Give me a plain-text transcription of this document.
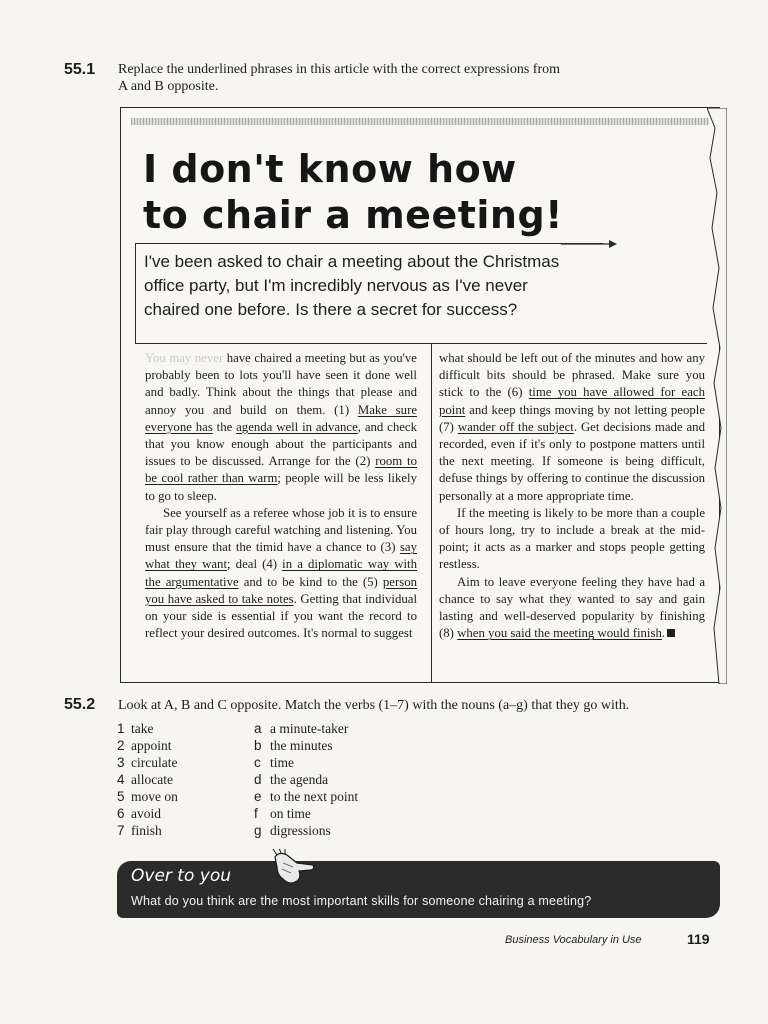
55.1 Replace the underlined phrases in this article with the correct expressions from
A and B opposite.
I don't know how
to chair a meeting!
I've been asked to chair a meeting about the Christmas
office party, but I'm incredibly nervous as I've never
chaired one before. Is there a secret for success?

You may never have chaired a meeting but as you've probably been to lots you'll have seen it done well and badly. Think about the things that please and annoy you and build on them. (1) Make sure everyone has the agenda well in advance, and check that you know enough about the participants and issues to be discussed. Arrange for the (2) room to be cool rather than warm; people will be less likely to go to sleep.

See yourself as a referee whose job it is to ensure fair play through careful watching and listening. You must ensure that the timid have a chance to (3) say what they want; deal (4) in a diplomatic way with the argumentative and to be kind to the (5) person you have asked to take notes. Getting that individual on your side is essential if you want the record to reflect your desired outcomes. It's normal to suggest

what should be left out of the minutes and how any difficult bits should be phrased. Make sure you stick to the (6) time you have allowed for each point and keep things moving by not letting people (7) wander off the subject. Get decisions made and recorded, even if it's only to postpone matters until the next meeting. If someone is being difficult, defuse things by offering to continue the discussion personally at a more appropriate time.

If the meeting is likely to be more than a couple of hours long, try to include a break at the mid-point; it acts as a marker and stops people getting restless.

Aim to leave everyone feeling they have had a chance to say what they wanted to say and gain lasting and well-deserved popularity by finishing (8) when you said the meeting would finish.

55.2 Look at A, B and C opposite. Match the verbs (1–7) with the nouns (a–g) that they go with.
1 take
2 appoint
3 circulate
4 allocate
5 move on
6 avoid
7 finish
a a minute-taker
b the minutes
c time
d the agenda
e to the next point
f on time
g digressions
Over to you
What do you think are the most important skills for someone chairing a meeting?
Business Vocabulary in Use	119
